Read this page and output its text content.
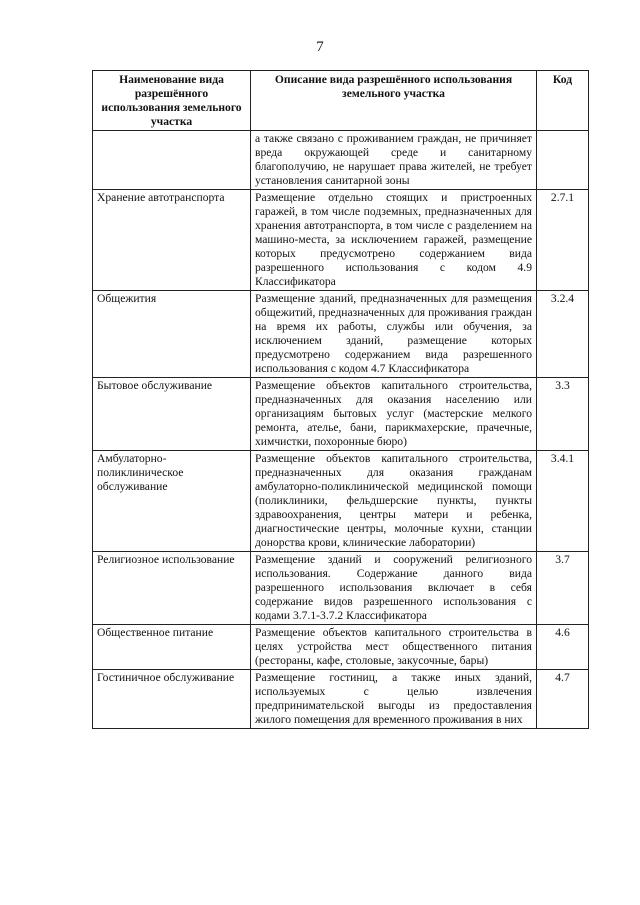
7
Наименование вида разрешённого использования земельного участка	Описание вида разрешённого использования земельного участка	Код
	а также связано с проживанием граждан, не причиняет вреда окружающей среде и санитарному благополучию, не нарушает права жителей, не требует установления санитарной зоны	
Хранение автотранспорта	Размещение отдельно стоящих и пристроенных гаражей, в том числе подземных, предназначенных для хранения автотранспорта, в том числе с разделением на машино-места, за исключением гаражей, размещение которых предусмотрено содержанием вида разрешенного использования с кодом 4.9 Классификатора	2.7.1
Общежития	Размещение зданий, предназначенных для размещения общежитий, предназначенных для проживания граждан на время их работы, службы или обучения, за исключением зданий, размещение которых предусмотрено содержанием вида разрешенного использования с кодом 4.7 Классификатора	3.2.4
Бытовое обслуживание	Размещение объектов капитального строительства, предназначенных для оказания населению или организациям бытовых услуг (мастерские мелкого ремонта, ателье, бани, парикмахерские, прачечные, химчистки, похоронные бюро)	3.3
Амбулаторно-поликлиническое обслуживание	Размещение объектов капитального строительства, предназначенных для оказания гражданам амбулаторно-поликлинической медицинской помощи (поликлиники, фельдшерские пункты, пункты здравоохранения, центры матери и ребенка, диагностические центры, молочные кухни, станции донорства крови, клинические лаборатории)	3.4.1
Религиозное использование	Размещение зданий и сооружений религиозного использования. Содержание данного вида разрешенного использования включает в себя содержание видов разрешенного использования с кодами 3.7.1-3.7.2 Классификатора	3.7
Общественное питание	Размещение объектов капитального строительства в целях устройства мест общественного питания (рестораны, кафе, столовые, закусочные, бары)	4.6
Гостиничное обслуживание	Размещение гостиниц, а также иных зданий, используемых с целью извлечения предпринимательской выгоды из предоставления жилого помещения для временного проживания в них	4.7
